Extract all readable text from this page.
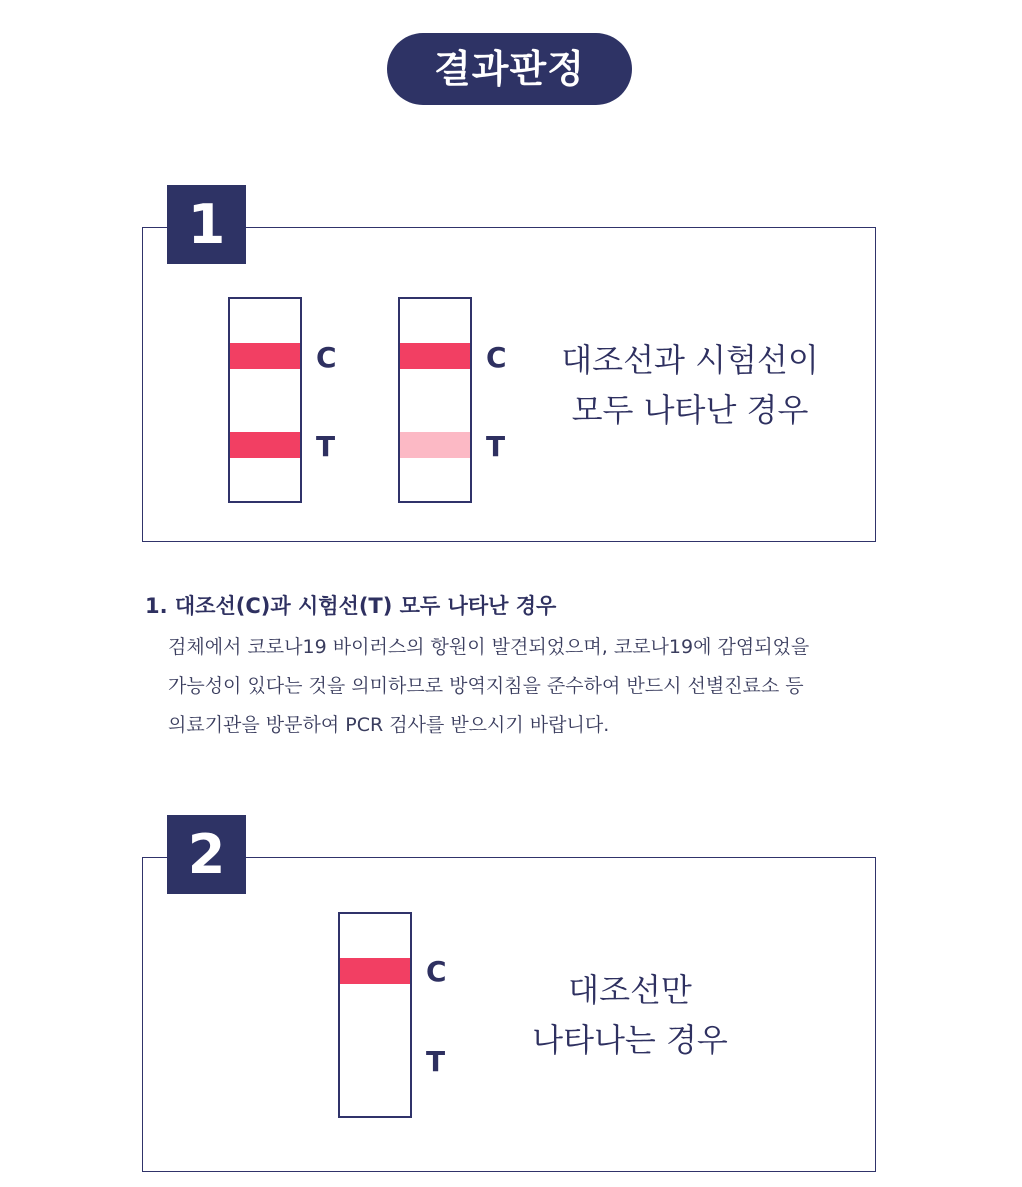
결과판정
1
C
T
C
T
대조선과 시험선이
모두 나타난 경우
1. 대조선(C)과 시험선(T) 모두 나타난 경우
검체에서 코로나19 바이러스의 항원이 발견되었으며, 코로나19에 감염되었을
가능성이 있다는 것을 의미하므로 방역지침을 준수하여 반드시 선별진료소 등
의료기관을 방문하여 PCR 검사를 받으시기 바랍니다.
2
C
T
대조선만
나타나는 경우
